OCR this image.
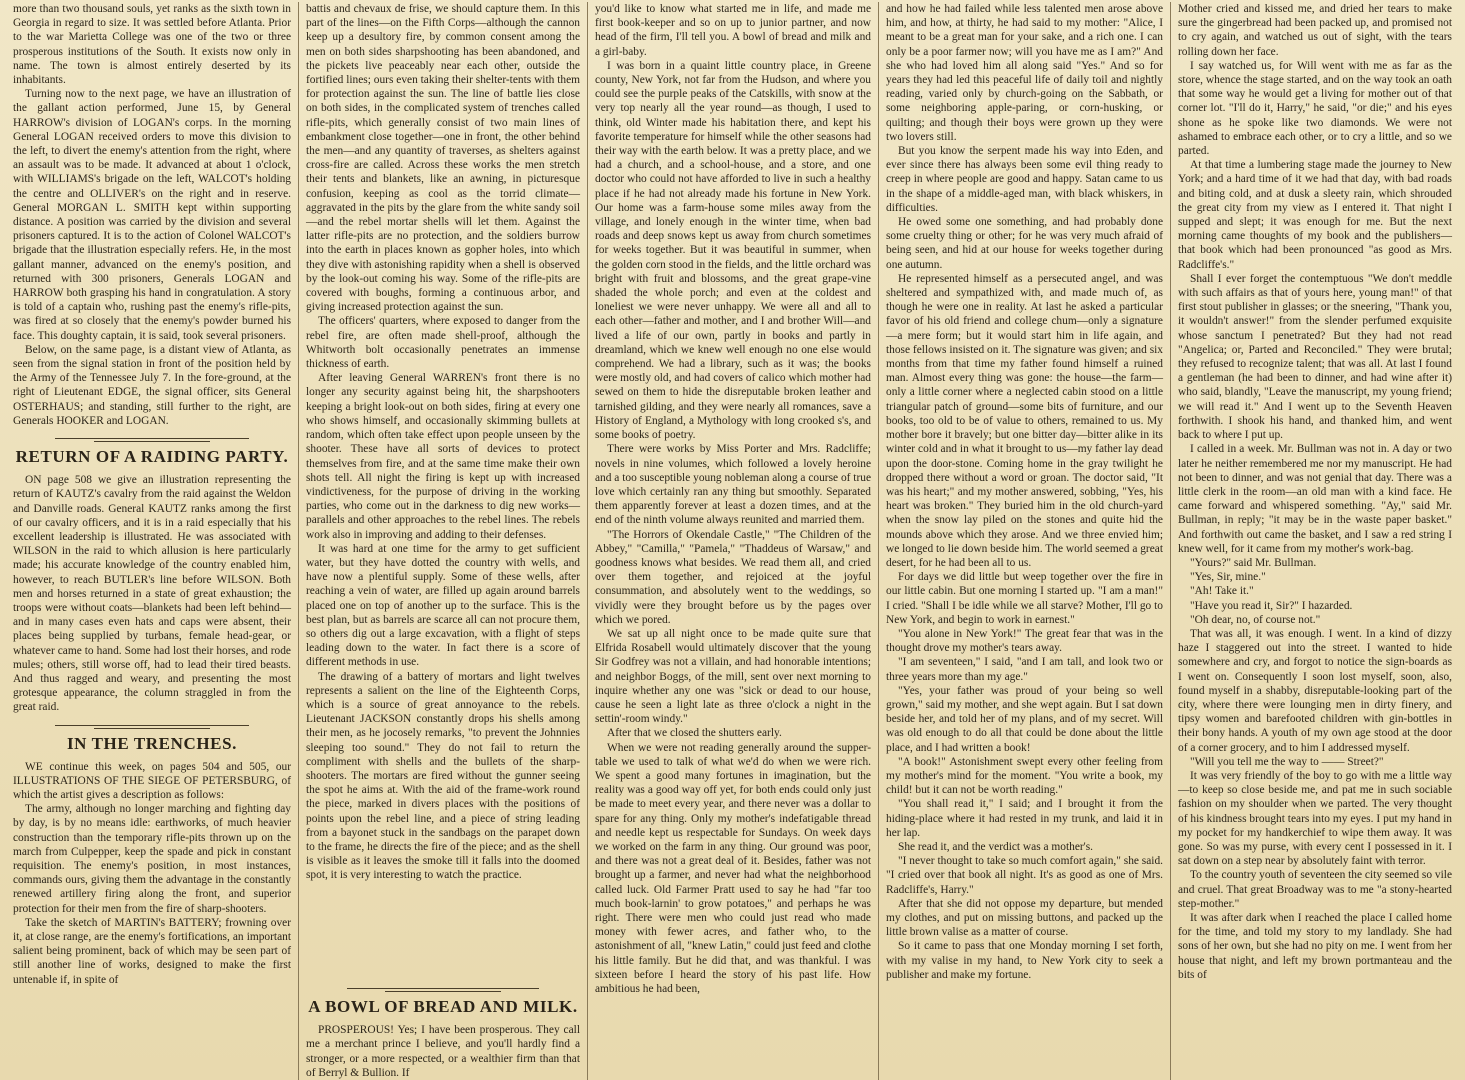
more than two thousand souls, yet ranks as the sixth town in Georgia in regard to size. It was settled before Atlanta. Prior to the war Marietta College was one of the two or three prosperous institutions of the South. It exists now only in name. The town is almost entirely deserted by its inhabitants.

Turning now to the next page, we have an illustration of the gallant action performed, June 15, by General HARROW's division of LOGAN's corps. In the morning General LOGAN received orders to move this division to the left, to divert the enemy's attention from the right, where an assault was to be made. It advanced at about 1 o'clock, with WILLIAMS's brigade on the left, WALCOT's holding the centre and OLLIVER's on the right and in reserve. General MORGAN L. SMITH kept within supporting distance. A position was carried by the division and several prisoners captured. It is to the action of Colonel WALCOT's brigade that the illustration especially refers. He, in the most gallant manner, advanced on the enemy's position, and returned with 300 prisoners, Generals LOGAN and HARROW both grasping his hand in congratulation. A story is told of a captain who, rushing past the enemy's rifle-pits, was fired at so closely that the enemy's powder burned his face. This doughty captain, it is said, took several prisoners.

Below, on the same page, is a distant view of Atlanta, as seen from the signal station in front of the position held by the Army of the Tennessee July 7. In the fore-ground, at the right of Lieutenant EDGE, the signal officer, sits General OSTERHAUS; and standing, still further to the right, are Generals HOOKER and LOGAN.

RETURN OF A RAIDING PARTY.

ON page 508 we give an illustration representing the return of KAUTZ's cavalry from the raid against the Weldon and Danville roads. General KAUTZ ranks among the first of our cavalry officers, and it is in a raid especially that his excellent leadership is illustrated. He was associated with WILSON in the raid to which allusion is here particularly made; his accurate knowledge of the country enabled him, however, to reach BUTLER's line before WILSON. Both men and horses returned in a state of great exhaustion; the troops were without coats—blankets had been left behind—and in many cases even hats and caps were absent, their places being supplied by turbans, female head-gear, or whatever came to hand. Some had lost their horses, and rode mules; others, still worse off, had to lead their tired beasts. And thus ragged and weary, and presenting the most grotesque appearance, the column straggled in from the great raid.

IN THE TRENCHES.

WE continue this week, on pages 504 and 505, our ILLUSTRATIONS OF THE SIEGE OF PETERSBURG, of which the artist gives a description as follows:

The army, although no longer marching and fighting day by day, is by no means idle: earthworks, of much heavier construction than the temporary rifle-pits thrown up on the march from Culpepper, keep the spade and pick in constant requisition. The enemy's position, in most instances, commands ours, giving them the advantage in the constantly renewed artillery firing along the front, and superior protection for their men from the fire of sharp-shooters.

Take the sketch of MARTIN's BATTERY; frowning over it, at close range, are the enemy's fortifications, an important salient being prominent, back of which may be seen part of still another line of works, designed to make the first untenable if, in spite of

battis and chevaux de frise, we should capture them. In this part of the lines—on the Fifth Corps—although the cannon keep up a desultory fire, by common consent among the men on both sides sharpshooting has been abandoned, and the pickets live peaceably near each other, outside the fortified lines; ours even taking their shelter-tents with them for protection against the sun. The line of battle lies close on both sides, in the complicated system of trenches called rifle-pits, which generally consist of two main lines of embankment close together—one in front, the other behind the men—and any quantity of traverses, as shelters against cross-fire are called. Across these works the men stretch their tents and blankets, like an awning, in picturesque confusion, keeping as cool as the torrid climate—aggravated in the pits by the glare from the white sandy soil—and the rebel mortar shells will let them. Against the latter rifle-pits are no protection, and the soldiers burrow into the earth in places known as gopher holes, into which they dive with astonishing rapidity when a shell is observed by the look-out coming his way. Some of the rifle-pits are covered with boughs, forming a continuous arbor, and giving increased protection against the sun.

The officers' quarters, where exposed to danger from the rebel fire, are often made shell-proof, although the Whitworth bolt occasionally penetrates an immense thickness of earth.

After leaving General WARREN's front there is no longer any security against being hit, the sharpshooters keeping a bright look-out on both sides, firing at every one who shows himself, and occasionally skimming bullets at random, which often take effect upon people unseen by the shooter. These have all sorts of devices to protect themselves from fire, and at the same time make their own shots tell. All night the firing is kept up with increased vindictiveness, for the purpose of driving in the working parties, who come out in the darkness to dig new works—parallels and other approaches to the rebel lines. The rebels work also in improving and adding to their defenses.

It was hard at one time for the army to get sufficient water, but they have dotted the country with wells, and have now a plentiful supply. Some of these wells, after reaching a vein of water, are filled up again around barrels placed one on top of another up to the surface. This is the best plan, but as barrels are scarce all can not procure them, so others dig out a large excavation, with a flight of steps leading down to the water. In fact there is a score of different methods in use.

The drawing of a battery of mortars and light twelves represents a salient on the line of the Eighteenth Corps, which is a source of great annoyance to the rebels. Lieutenant JACKSON constantly drops his shells among their men, as he jocosely remarks, "to prevent the Johnnies sleeping too sound." They do not fail to return the compliment with shells and the bullets of the sharp-shooters. The mortars are fired without the gunner seeing the spot he aims at. With the aid of the frame-work round the piece, marked in divers places with the positions of points upon the rebel line, and a piece of string leading from a bayonet stuck in the sandbags on the parapet down to the frame, he directs the fire of the piece; and as the shell is visible as it leaves the smoke till it falls into the doomed spot, it is very interesting to watch the practice.

A BOWL OF BREAD AND MILK.

PROSPEROUS! Yes; I have been prosperous. They call me a merchant prince I believe, and you'll hardly find a stronger, or a more respected, or a wealthier firm than that of Berryl & Bullion. If

you'd like to know what started me in life, and made me first book-keeper and so on up to junior partner, and now head of the firm, I'll tell you. A bowl of bread and milk and a girl-baby.

I was born in a quaint little country place, in Greene county, New York, not far from the Hudson, and where you could see the purple peaks of the Catskills, with snow at the very top nearly all the year round—as though, I used to think, old Winter made his habitation there, and kept his favorite temperature for himself while the other seasons had their way with the earth below. It was a pretty place, and we had a church, and a school-house, and a store, and one doctor who could not have afforded to live in such a healthy place if he had not already made his fortune in New York. Our home was a farm-house some miles away from the village, and lonely enough in the winter time, when bad roads and deep snows kept us away from church sometimes for weeks together. But it was beautiful in summer, when the golden corn stood in the fields, and the little orchard was bright with fruit and blossoms, and the great grape-vine shaded the whole porch; and even at the coldest and loneliest we were never unhappy. We were all and all to each other—father and mother, and I and brother Will—and lived a life of our own, partly in books and partly in dreamland, which we knew well enough no one else would comprehend. We had a library, such as it was; the books were mostly old, and had covers of calico which mother had sewed on them to hide the disreputable broken leather and tarnished gilding, and they were nearly all romances, save a History of England, a Mythology with long crooked s's, and some books of poetry.

There were works by Miss Porter and Mrs. Radcliffe; novels in nine volumes, which followed a lovely heroine and a too susceptible young nobleman along a course of true love which certainly ran any thing but smoothly. Separated them apparently forever at least a dozen times, and at the end of the ninth volume always reunited and married them.

"The Horrors of Okendale Castle," "The Children of the Abbey," "Camilla," "Pamela," "Thaddeus of Warsaw," and goodness knows what besides. We read them all, and cried over them together, and rejoiced at the joyful consummation, and absolutely went to the weddings, so vividly were they brought before us by the pages over which we pored.

We sat up all night once to be made quite sure that Elfrida Rosabell would ultimately discover that the young Sir Godfrey was not a villain, and had honorable intentions; and neighbor Boggs, of the mill, sent over next morning to inquire whether any one was "sick or dead to our house, cause he seen a light late as three o'clock a night in the settin'-room windy."

After that we closed the shutters early.

When we were not reading generally around the supper-table we used to talk of what we'd do when we were rich. We spent a good many fortunes in imagination, but the reality was a good way off yet, for both ends could only just be made to meet every year, and there never was a dollar to spare for any thing. Only my mother's indefatigable thread and needle kept us respectable for Sundays. On week days we worked on the farm in any thing. Our ground was poor, and there was not a great deal of it. Besides, father was not brought up a farmer, and never had what the neighborhood called luck. Old Farmer Pratt used to say he had "far too much book-larnin' to grow potatoes," and perhaps he was right. There were men who could just read who made money with fewer acres, and father who, to the astonishment of all, "knew Latin," could just feed and clothe his little family. But he did that, and was thankful. I was sixteen before I heard the story of his past life. How ambitious he had been,

and how he had failed while less talented men arose above him, and how, at thirty, he had said to my mother: "Alice, I meant to be a great man for your sake, and a rich one. I can only be a poor farmer now; will you have me as I am?" And she who had loved him all along said "Yes." And so for years they had led this peaceful life of daily toil and nightly reading, varied only by church-going on the Sabbath, or some neighboring apple-paring, or corn-husking, or quilting; and though their boys were grown up they were two lovers still.

But you know the serpent made his way into Eden, and ever since there has always been some evil thing ready to creep in where people are good and happy. Satan came to us in the shape of a middle-aged man, with black whiskers, in difficulties.

He owed some one something, and had probably done some cruelty thing or other; for he was very much afraid of being seen, and hid at our house for weeks together during one autumn.

He represented himself as a persecuted angel, and was sheltered and sympathized with, and made much of, as though he were one in reality. At last he asked a particular favor of his old friend and college chum—only a signature—a mere form; but it would start him in life again, and those fellows insisted on it. The signature was given; and six months from that time my father found himself a ruined man. Almost every thing was gone: the house—the farm—only a little corner where a neglected cabin stood on a little triangular patch of ground—some bits of furniture, and our books, too old to be of value to others, remained to us. My mother bore it bravely; but one bitter day—bitter alike in its winter cold and in what it brought to us—my father lay dead upon the door-stone. Coming home in the gray twilight he dropped there without a word or groan. The doctor said, "It was his heart;" and my mother answered, sobbing, "Yes, his heart was broken." They buried him in the old church-yard when the snow lay piled on the stones and quite hid the mounds above which they arose. And we three envied him; we longed to lie down beside him. The world seemed a great desert, for he had been all to us.

For days we did little but weep together over the fire in our little cabin. But one morning I started up. "I am a man!" I cried. "Shall I be idle while we all starve? Mother, I'll go to New York, and begin to work in earnest."

"You alone in New York!" The great fear that was in the thought drove my mother's tears away.

"I am seventeen," I said, "and I am tall, and look two or three years more than my age."

"Yes, your father was proud of your being so well grown," said my mother, and she wept again. But I sat down beside her, and told her of my plans, and of my secret. Will was old enough to do all that could be done about the little place, and I had written a book!

"A book!" Astonishment swept every other feeling from my mother's mind for the moment. "You write a book, my child! but it can not be worth reading."

"You shall read it," I said; and I brought it from the hiding-place where it had rested in my trunk, and laid it in her lap.

She read it, and the verdict was a mother's.

"I never thought to take so much comfort again," she said. "I cried over that book all night. It's as good as one of Mrs. Radcliffe's, Harry."

After that she did not oppose my departure, but mended my clothes, and put on missing buttons, and packed up the little brown valise as a matter of course.

So it came to pass that one Monday morning I set forth, with my valise in my hand, to New York city to seek a publisher and make my fortune.

Mother cried and kissed me, and dried her tears to make sure the gingerbread had been packed up, and promised not to cry again, and watched us out of sight, with the tears rolling down her face.

I say watched us, for Will went with me as far as the store, whence the stage started, and on the way took an oath that some way he would get a living for mother out of that corner lot. "I'll do it, Harry," he said, "or die;" and his eyes shone as he spoke like two diamonds. We were not ashamed to embrace each other, or to cry a little, and so we parted.

At that time a lumbering stage made the journey to New York; and a hard time of it we had that day, with bad roads and biting cold, and at dusk a sleety rain, which shrouded the great city from my view as I entered it. That night I supped and slept; it was enough for me. But the next morning came thoughts of my book and the publishers—that book which had been pronounced "as good as Mrs. Radcliffe's."

Shall I ever forget the contemptuous "We don't meddle with such affairs as that of yours here, young man!" of that first stout publisher in glasses; or the sneering, "Thank you, it wouldn't answer!" from the slender perfumed exquisite whose sanctum I penetrated? But they had not read "Angelica; or, Parted and Reconciled." They were brutal; they refused to recognize talent; that was all. At last I found a gentleman (he had been to dinner, and had wine after it) who said, blandly, "Leave the manuscript, my young friend; we will read it." And I went up to the Seventh Heaven forthwith. I shook his hand, and thanked him, and went back to where I put up.

I called in a week. Mr. Bullman was not in. A day or two later he neither remembered me nor my manuscript. He had not been to dinner, and was not genial that day. There was a little clerk in the room—an old man with a kind face. He came forward and whispered something. "Ay," said Mr. Bullman, in reply; "it may be in the waste paper basket." And forthwith out came the basket, and I saw a red string I knew well, for it came from my mother's work-bag.

"Yours?" said Mr. Bullman.

"Yes, Sir, mine."

"Ah! Take it."

"Have you read it, Sir?" I hazarded.

"Oh dear, no, of course not."

That was all, it was enough. I went. In a kind of dizzy haze I staggered out into the street. I wanted to hide somewhere and cry, and forgot to notice the sign-boards as I went on. Consequently I soon lost myself, soon, also, found myself in a shabby, disreputable-looking part of the city, where there were lounging men in dirty finery, and tipsy women and barefooted children with gin-bottles in their bony hands. A youth of my own age stood at the door of a corner grocery, and to him I addressed myself.

"Will you tell me the way to —— Street?"

It was very friendly of the boy to go with me a little way—to keep so close beside me, and pat me in such sociable fashion on my shoulder when we parted. The very thought of his kindness brought tears into my eyes. I put my hand in my pocket for my handkerchief to wipe them away. It was gone. So was my purse, with every cent I possessed in it. I sat down on a step near by absolutely faint with terror.

To the country youth of seventeen the city seemed so vile and cruel. That great Broadway was to me "a stony-hearted step-mother."

It was after dark when I reached the place I called home for the time, and told my story to my landlady. She had sons of her own, but she had no pity on me. I went from her house that night, and left my brown portmanteau and the bits of
